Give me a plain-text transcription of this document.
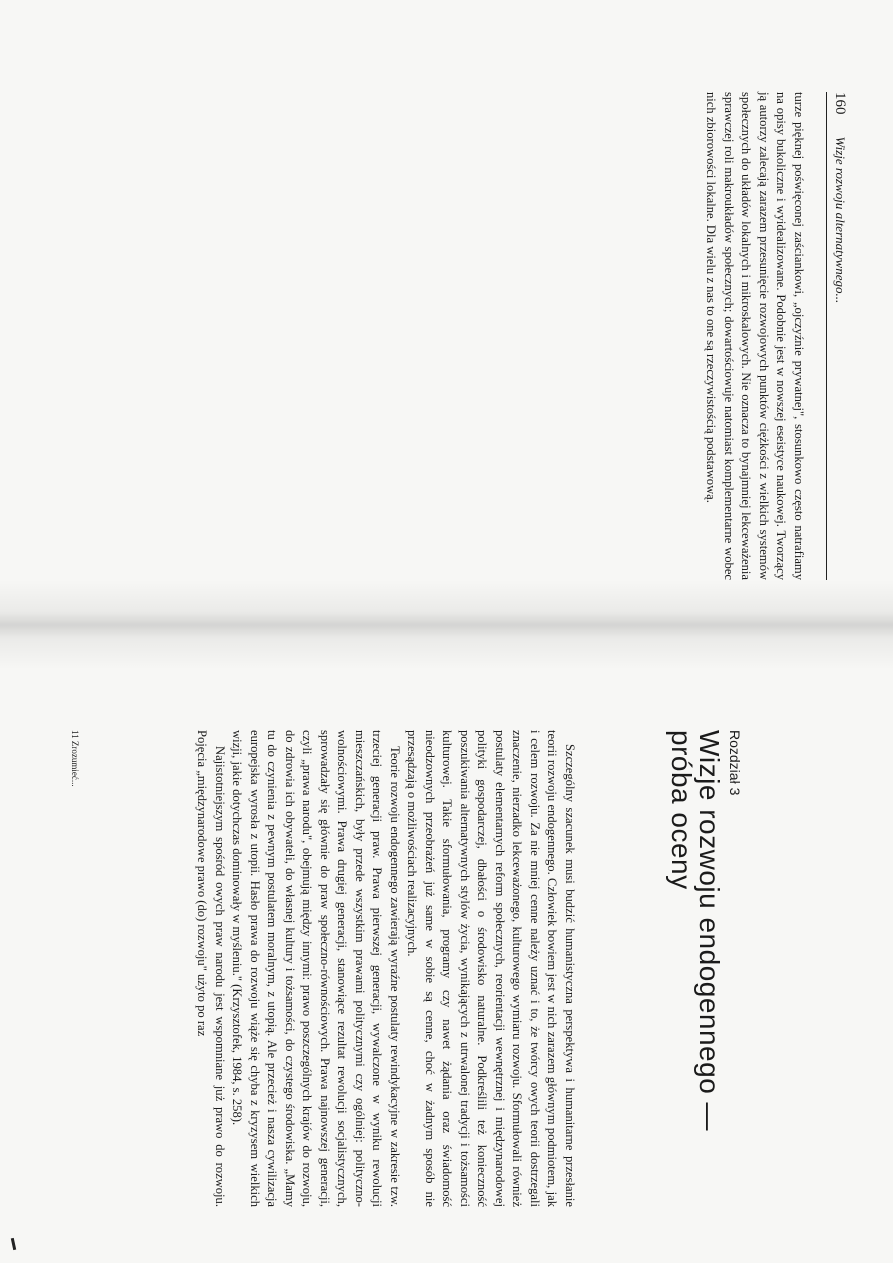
160
Wizje rozwoju alternatywnego...

turze pięknej poświęconej zaściankowi, „ojczyźnie prywatnej", stosunkowo często natrafiamy na opisy bukoliczne i wyidealizowane. Podobnie jest w nowszej eseistyce naukowej. Tworzący ją autorzy zalecają zarazem przesunięcie rozwojowych punktów ciężkości z wielkich systemów społecznych do układów lokalnych i mikroskalowych. Nie oznacza to bynajmniej lekceważenia sprawczej roli makroukładów społecznych; dowartościowuje natomiast komplementarne wobec nich zbiorowości lokalne. Dla wielu z nas to one są rzeczywistością podstawową.

Rozdział 3
Wizje rozwoju endogennego —
próba oceny

Szczególny szacunek musi budzić humanistyczna perspektywa i humanitarne przesłanie teorii rozwoju endogennego. Człowiek bowiem jest w nich zarazem głównym podmiotem, jak i celem rozwoju. Za nie mniej cenne należy uznać i to, że twórcy owych teorii dostrzegali znaczenie, nierzadko lekceważonego, kulturowego wymiaru rozwoju. Sformułowali również postulaty elementarnych reform społecznych, reorientacji wewnętrznej i międzynarodowej polityki gospodarczej, dbałości o środowisko naturalne. Podkreślili też konieczność poszukiwania alternatywnych stylów życia, wynikających z utrwalonej tradycji i tożsamości kulturowej. Takie sformułowania, programy czy nawet żądania oraz świadomość nieodzownych przeobrażeń już same w sobie są cenne, choć w żadnym sposób nie przesądzają o możliwościach realizacyjnych.

Teorie rozwoju endogennego zawierają wyraźne postulaty rewindykacyjne w zakresie tzw. trzeciej generacji praw. Prawa pierwszej generacji, wywalczone w wyniku rewolucji mieszczańskich, były przede wszystkim prawami politycznymi czy ogólniej: polityczno-wolnościowymi. Prawa drugiej generacji, stanowiące rezultat rewolucji socjalistycznych, sprowadzały się głównie do praw społeczno-równościowych. Prawa najnowszej generacji, czyli „prawa narodu", obejmują między innymi: prawo poszczególnych krajów do rozwoju, do zdrowia ich obywateli, do własnej kultury i tożsamości, do czystego środowiska. „Mamy tu do czynienia z pewnym postulatem moralnym, z utopią. Ale przecież i nasza cywilizacja europejska wyrosła z utopii. Hasło prawa do rozwoju wiąże się chyba z kryzysem wielkich wizji, jakie dotychczas dominowały w myśleniu." (Krzysztofek, 1984, s. 258).

Najistotniejszym spośród owych praw narodu jest wspomniane już prawo do rozwoju. Pojęcia „międzynarodowe prawo (do) rozwoju" użyto po raz

11 Zrozumieć...
